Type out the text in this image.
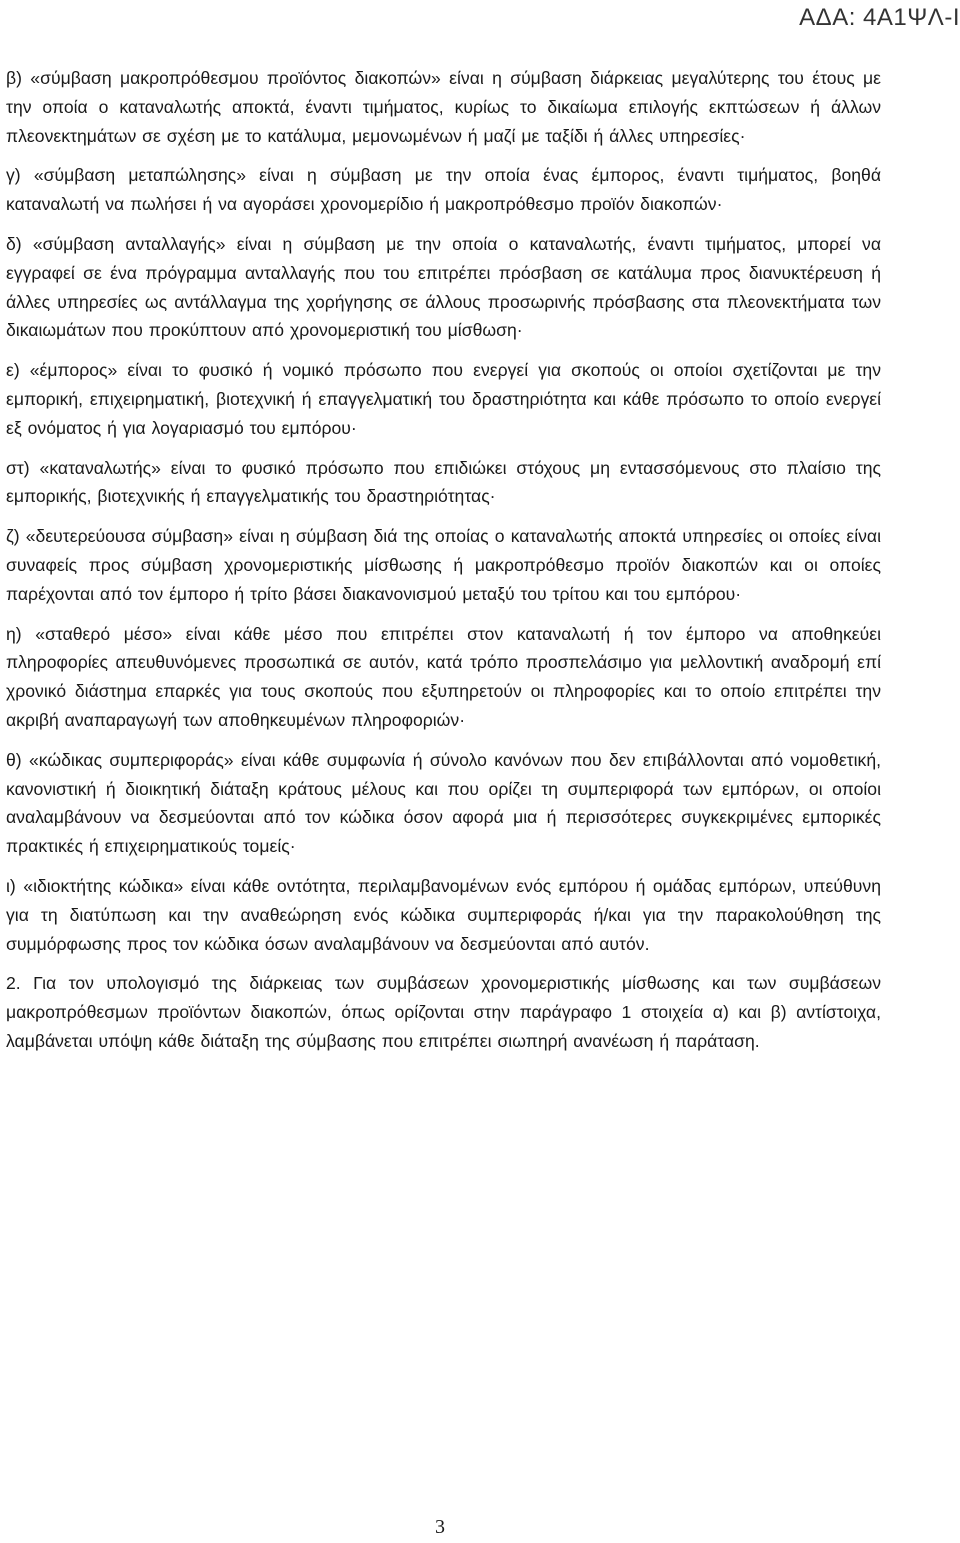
ΑΔΑ: 4Α1ΨΛ-Ι

β) «σύμβαση μακροπρόθεσμου προϊόντος διακοπών» είναι η σύμβαση διάρκειας μεγαλύτερης του έτους με την οποία ο καταναλωτής αποκτά, έναντι τιμήματος, κυρίως το δικαίωμα επιλογής εκπτώσεων ή άλλων πλεονεκτημάτων σε σχέση με το κατάλυμα, μεμονωμένων ή μαζί με ταξίδι ή άλλες υπηρεσίες·

γ) «σύμβαση μεταπώλησης» είναι η σύμβαση με την οποία ένας έμπορος, έναντι τιμήματος, βοηθά καταναλωτή να πωλήσει ή να αγοράσει χρονομερίδιο ή μακροπρόθεσμο προϊόν διακοπών·

δ) «σύμβαση ανταλλαγής» είναι η σύμβαση με την οποία ο καταναλωτής, έναντι τιμήματος, μπορεί να εγγραφεί σε ένα πρόγραμμα ανταλλαγής που του επιτρέπει πρόσβαση σε κατάλυμα προς διανυκτέρευση ή άλλες υπηρεσίες ως αντάλλαγμα της χορήγησης σε άλλους προσωρινής πρόσβασης στα πλεονεκτήματα των δικαιωμάτων που προκύπτουν από χρονομεριστική του μίσθωση·

ε) «έμπορος» είναι το φυσικό ή νομικό πρόσωπο που ενεργεί για σκοπούς οι οποίοι σχετίζονται με την εμπορική, επιχειρηματική, βιοτεχνική ή επαγγελματική του δραστηριότητα και κάθε πρόσωπο το οποίο ενεργεί εξ ονόματος ή για λογαριασμό του εμπόρου·

στ) «καταναλωτής» είναι το φυσικό πρόσωπο που επιδιώκει στόχους μη εντασσόμενους στο πλαίσιο της εμπορικής, βιοτεχνικής ή επαγγελματικής του δραστηριότητας·

ζ) «δευτερεύουσα σύμβαση» είναι η σύμβαση διά της οποίας ο καταναλωτής αποκτά υπηρεσίες οι οποίες είναι συναφείς προς σύμβαση χρονομεριστικής μίσθωσης ή μακροπρόθεσμο προϊόν διακοπών και οι οποίες παρέχονται από τον έμπορο ή τρίτο βάσει διακανονισμού μεταξύ του τρίτου και του εμπόρου·

η) «σταθερό μέσο» είναι κάθε μέσο που επιτρέπει στον καταναλωτή ή τον έμπορο να αποθηκεύει πληροφορίες απευθυνόμενες προσωπικά σε αυτόν, κατά τρόπο προσπελάσιμο για μελλοντική αναδρομή επί χρονικό διάστημα επαρκές για τους σκοπούς που εξυπηρετούν οι πληροφορίες και το οποίο επιτρέπει την ακριβή αναπαραγωγή των αποθηκευμένων πληροφοριών·

θ) «κώδικας συμπεριφοράς» είναι κάθε συμφωνία ή σύνολο κανόνων που δεν επιβάλλονται από νομοθετική, κανονιστική ή διοικητική διάταξη κράτους μέλους και που ορίζει τη συμπεριφορά των εμπόρων, οι οποίοι αναλαμβάνουν να δεσμεύονται από τον κώδικα όσον αφορά μια ή περισσότερες συγκεκριμένες εμπορικές πρακτικές ή επιχειρηματικούς τομείς·

ι) «ιδιοκτήτης κώδικα» είναι κάθε οντότητα, περιλαμβανομένων ενός εμπόρου ή ομάδας εμπόρων, υπεύθυνη για τη διατύπωση και την αναθεώρηση ενός κώδικα συμπεριφοράς ή/και για την παρακολούθηση της συμμόρφωσης προς τον κώδικα όσων αναλαμβάνουν να δεσμεύονται από αυτόν.

2. Για τον υπολογισμό της διάρκειας των συμβάσεων χρονομεριστικής μίσθωσης και των συμβάσεων μακροπρόθεσμων προϊόντων διακοπών, όπως ορίζονται στην παράγραφο 1 στοιχεία α) και β) αντίστοιχα, λαμβάνεται υπόψη κάθε διάταξη της σύμβασης που επιτρέπει σιωπηρή ανανέωση ή παράταση.

3
